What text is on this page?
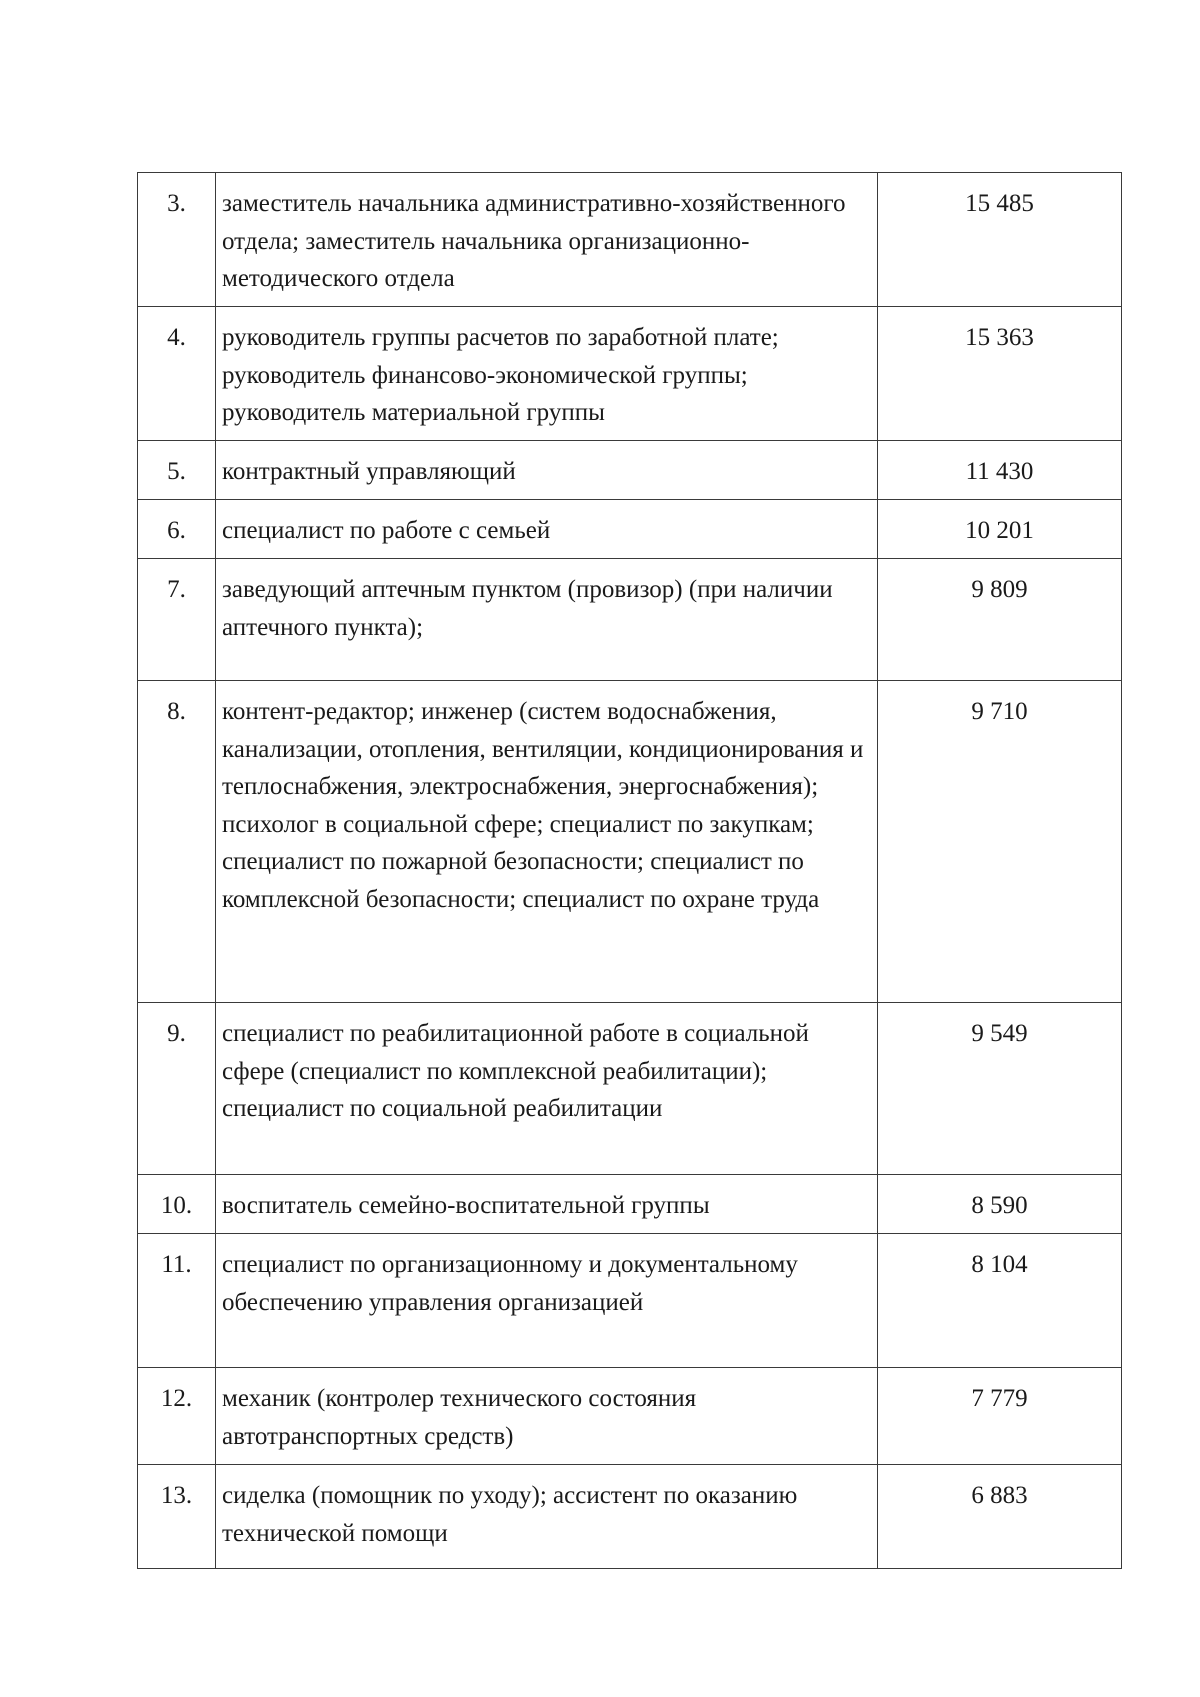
3.	заместитель начальника административно-хозяйственного отдела; заместитель начальника организационно-методического отдела	15 485
4.	руководитель группы расчетов по заработной плате; руководитель финансово-экономической группы; руководитель материальной группы	15 363
5.	контрактный управляющий	11 430
6.	специалист по работе с семьей	10 201
7.	заведующий аптечным пунктом (провизор) (при наличии аптечного пункта);	9 809
8.	контент-редактор; инженер (систем водоснабжения, канализации, отопления, вентиляции, кондиционирования и теплоснабжения, электроснабжения, энергоснабжения); психолог в социальной сфере; специалист по закупкам; специалист по пожарной безопасности; специалист по комплексной безопасности; специалист по охране труда	9 710
9.	специалист по реабилитационной работе в социальной сфере (специалист по комплексной реабилитации); специалист по социальной реабилитации	9 549
10.	воспитатель семейно-воспитательной группы	8 590
11.	специалист по организационному и документальному обеспечению управления организацией	8 104
12.	механик (контролер технического состояния автотранспортных средств)	7 779
13.	сиделка (помощник по уходу); ассистент по оказанию технической помощи	6 883
